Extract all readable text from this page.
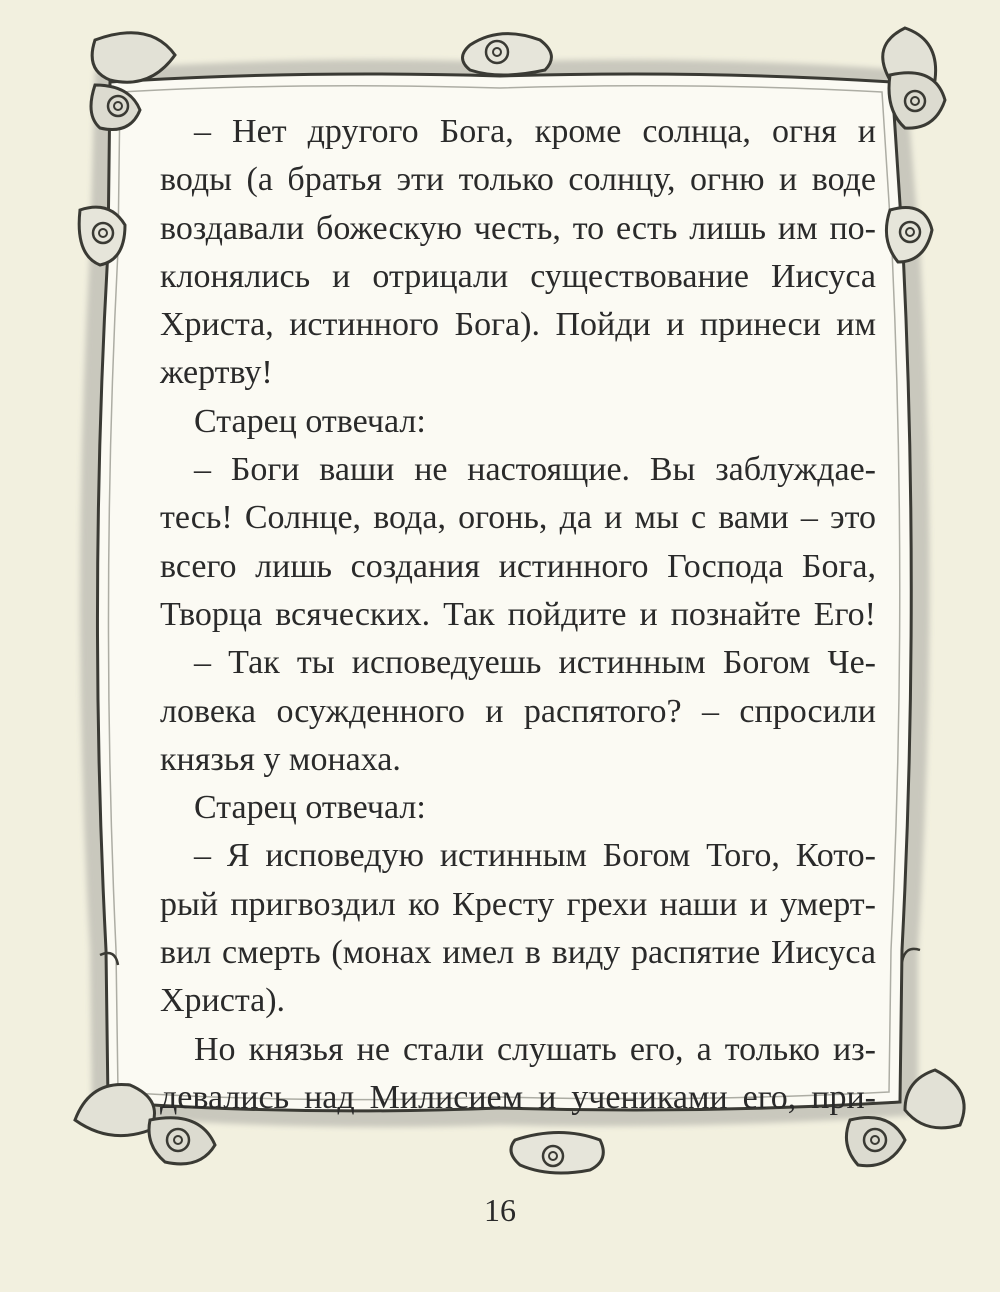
– Нет другого Бога, кроме солнца, огня и
воды (а братья эти только солнцу, огню и воде
воздавали божескую честь, то есть лишь им по-
клонялись и отрицали существование Иисуса
Христа, истинного Бога). Пойди и принеси им
жертву!
Старец отвечал:
– Боги ваши не настоящие. Вы заблуждае-
тесь! Солнце, вода, огонь, да и мы с вами – это
всего лишь создания истинного Господа Бога,
Творца всяческих. Так пойдите и познайте Его!
– Так ты исповедуешь истинным Богом Че-
ловека осужденного и распятого? – спросили
князья у монаха.
Старец отвечал:
– Я исповедую истинным Богом Того, Кото-
рый пригвоздил ко Кресту грехи наши и умерт-
вил смерть (монах имел в виду распятие Иисуса
Христа).
Но князья не стали слушать его, а только из-
девались над Милисием и учениками его, при-
16
